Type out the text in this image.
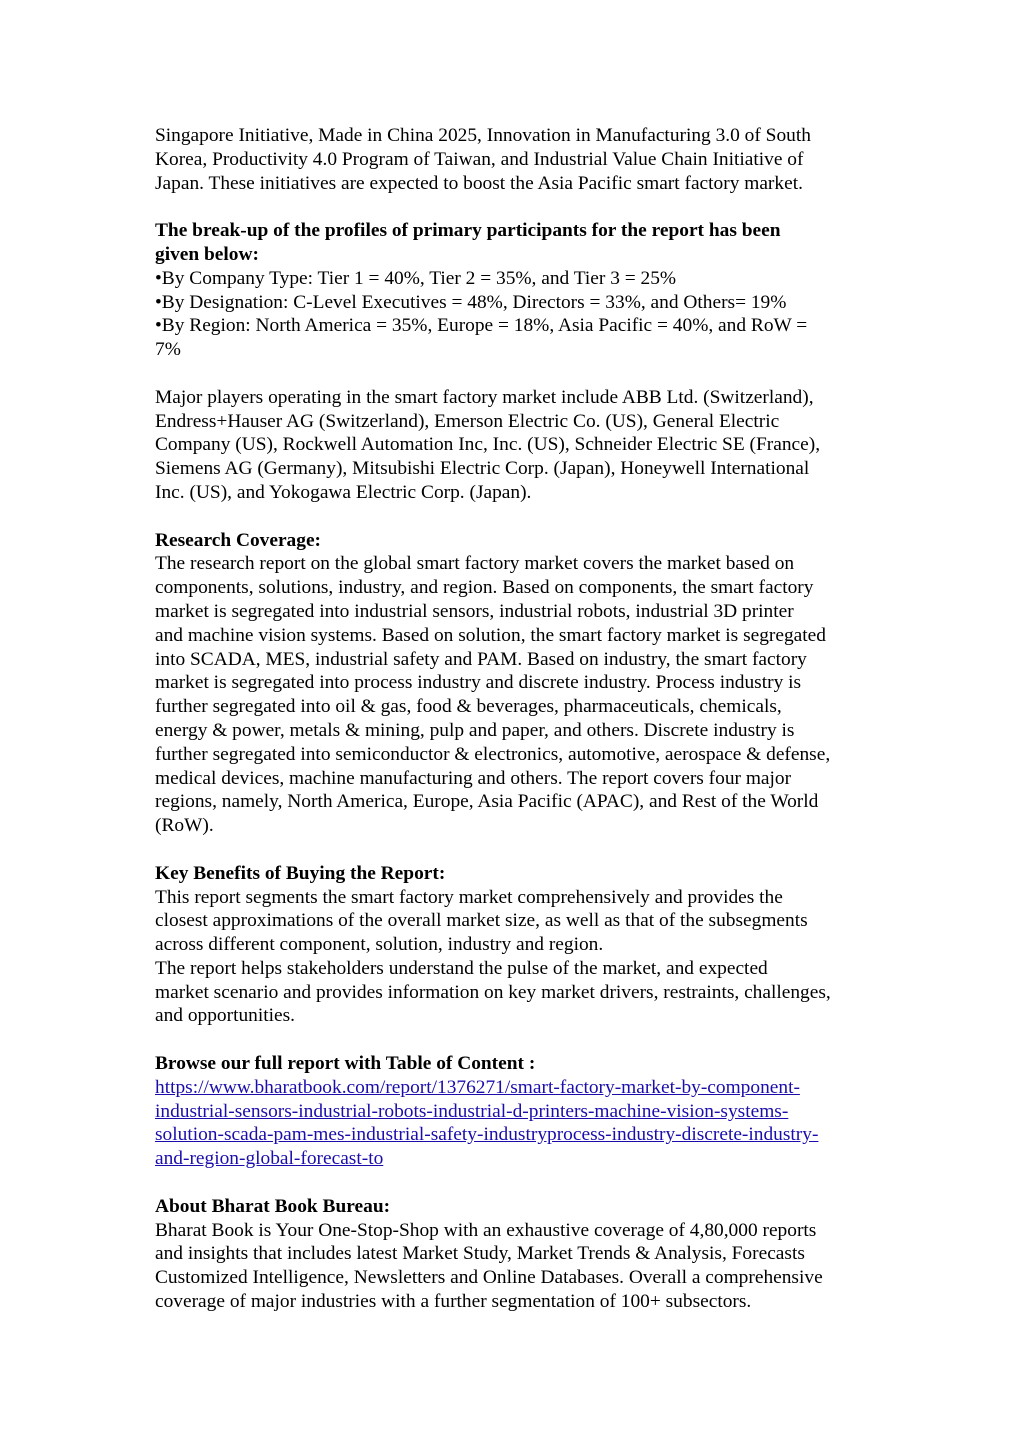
Singapore Initiative, Made in China 2025, Innovation in Manufacturing 3.0 of South
Korea, Productivity 4.0 Program of Taiwan, and Industrial Value Chain Initiative of
Japan. These initiatives are expected to boost the Asia Pacific smart factory market.

The break-up of the profiles of primary participants for the report has been
given below:

•By Company Type: Tier 1 = 40%, Tier 2 = 35%, and Tier 3 = 25%

•By Designation: C-Level Executives = 48%, Directors = 33%, and Others= 19%

•By Region: North America = 35%, Europe = 18%, Asia Pacific = 40%, and RoW =
7%

Major players operating in the smart factory market include ABB Ltd. (Switzerland),
Endress+Hauser AG (Switzerland), Emerson Electric Co. (US), General Electric
Company (US), Rockwell Automation Inc, Inc. (US), Schneider Electric SE (France),
Siemens AG (Germany), Mitsubishi Electric Corp. (Japan), Honeywell International
Inc. (US), and Yokogawa Electric Corp. (Japan).

Research Coverage:

The research report on the global smart factory market covers the market based on
components, solutions, industry, and region. Based on components, the smart factory
market is segregated into industrial sensors, industrial robots, industrial 3D printer
and machine vision systems. Based on solution, the smart factory market is segregated
into SCADA, MES, industrial safety and PAM. Based on industry, the smart factory
market is segregated into process industry and discrete industry. Process industry is
further segregated into oil & gas, food & beverages, pharmaceuticals, chemicals,
energy & power, metals & mining, pulp and paper, and others. Discrete industry is
further segregated into semiconductor & electronics, automotive, aerospace & defense,
medical devices, machine manufacturing and others. The report covers four major
regions, namely, North America, Europe, Asia Pacific (APAC), and Rest of the World
(RoW).

Key Benefits of Buying the Report:

This report segments the smart factory market comprehensively and provides the
closest approximations of the overall market size, as well as that of the subsegments
across different component, solution, industry and region.

The report helps stakeholders understand the pulse of the market, and expected
market scenario and provides information on key market drivers, restraints, challenges,
and opportunities.

Browse our full report with Table of Content :

https://www.bharatbook.com/report/1376271/smart-factory-market-by-component-
industrial-sensors-industrial-robots-industrial-d-printers-machine-vision-systems-
solution-scada-pam-mes-industrial-safety-industryprocess-industry-discrete-industry-
and-region-global-forecast-to

About Bharat Book Bureau:

Bharat Book is Your One-Stop-Shop with an exhaustive coverage of 4,80,000 reports
and insights that includes latest Market Study, Market Trends & Analysis, Forecasts
Customized Intelligence, Newsletters and Online Databases. Overall a comprehensive
coverage of major industries with a further segmentation of 100+ subsectors.
